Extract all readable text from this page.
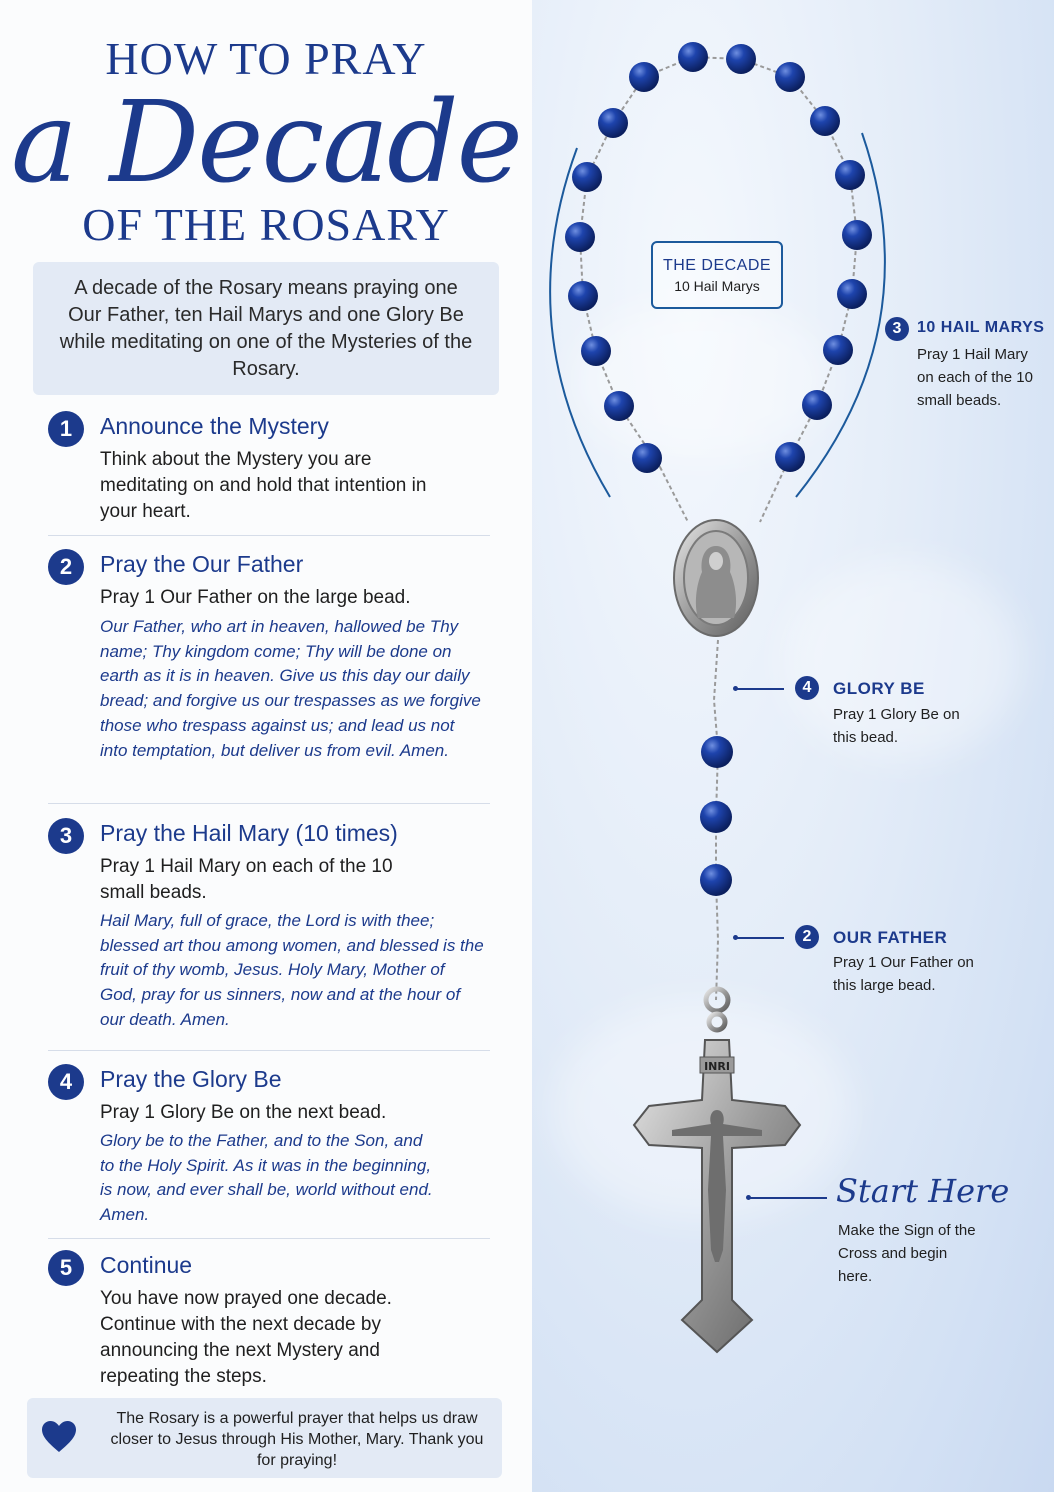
HOW TO PRAY
a Decade
OF THE ROSARY

A decade of the Rosary means praying one Our Father, ten Hail Marys and one Glory Be while meditating on one of the Mysteries of the Rosary.

1	Announce the Mystery

Think about the Mystery you are meditating on and hold that intention in your heart.

2	Pray the Our Father

Pray 1 Our Father on the large bead.

Our Father, who art in heaven, hallowed be Thy name; Thy kingdom come; Thy will be done on earth as it is in heaven. Give us this day our daily bread; and forgive us our trespasses as we forgive those who trespass against us; and lead us not into temptation, but deliver us from evil. Amen.

3	Pray the Hail Mary (10 times)

Pray 1 Hail Mary on each of the 10 small beads.

Hail Mary, full of grace, the Lord is with thee; blessed art thou among women, and blessed is the fruit of thy womb, Jesus. Holy Mary, Mother of God, pray for us sinners, now and at the hour of our death. Amen.

4	Pray the Glory Be

Pray 1 Glory Be on the next bead.

Glory be to the Father, and to the Son, and to the Holy Spirit. As it was in the beginning, is now, and ever shall be, world without end. Amen.

5	Continue

You have now prayed one decade. Continue with the next decade by announcing the next Mystery and repeating the steps.

The Rosary is a powerful prayer that helps us draw closer to Jesus through His Mother, Mary. Thank you for praying!

INRI
THE DECADE
10 Hail Marys
3 10 HAIL MARYS

Pray 1 Hail Mary on each of the 10 small beads.

4	GLORY BE

Pray 1 Glory Be on this bead.

2	OUR FATHER

Pray 1 Our Father on this large bead.

Start Here

Make the Sign of the Cross and begin here.
